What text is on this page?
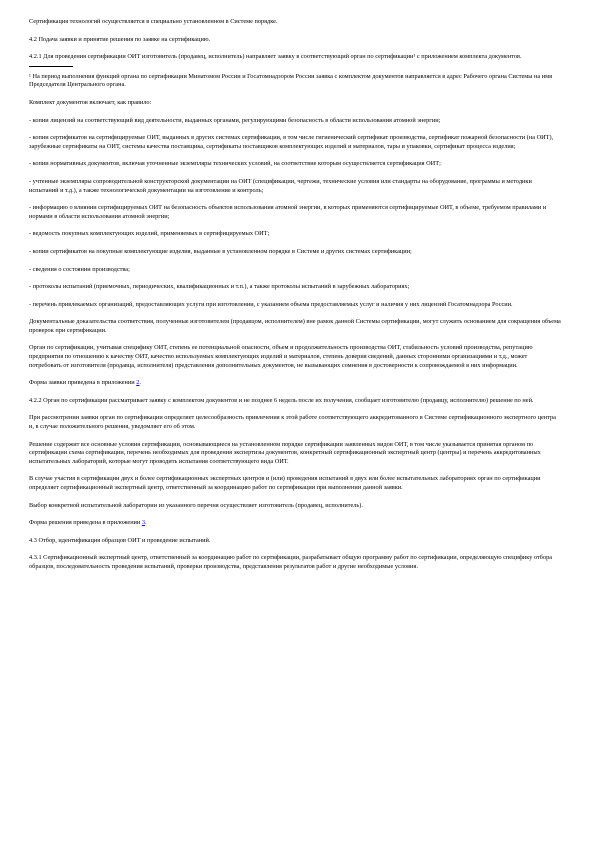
Сертификация технологий осуществляется в специально установленном в Системе порядке.

4.2 Подача заявки и принятие решения по заявке на сертификацию.

4.2.1 Для проведения сертификации ОИТ изготовитель (продавец, исполнитель) направляет заявку в соответствующий орган по сертификации¹ с приложением комплекта документов.

¹ На период выполнения функций органа по сертификации Минатомом России и Госатомнадзором России заявка с комплектом документов направляется в адрес Рабочего органа Системы на имя Председателя Центрального органа.

Комплект документов включает, как правило:

- копии лицензий на соответствующий вид деятельности, выданных органами, регулирующими безопасность в области использования атомной энергии;

- копии сертификатов на сертифицируемые ОИТ, выданных в других системах сертификации, в том числе гигиенический сертификат производства, сертификат пожарной безопасности (на ОИТ), зарубежные сертификаты на ОИТ, системы качества поставщика, сертификаты поставщиков комплектующих изделий и материалов, тары и упаковки, сертификат процесса изделия;

- копии нормативных документов, включая уточненные экземпляры технических условий, на соответствие которым осуществляется сертификация ОИТ;

- учтенные экземпляры сопроводительной конструкторской документации на ОИТ (спецификации, чертежи, технические условия или стандарты на оборудование, программы и методики испытаний и т.д.), а также технологической документации на изготовление и контроль;

- информацию о влиянии сертифицируемых ОИТ на безопасность объектов использования атомной энергии, в которых применяются сертифицируемые ОИТ, в объеме, требуемом правилами и нормами в области использования атомной энергии;

- ведомость покупных комплектующих изделий, применяемых в сертифицируемых ОИТ;

- копии сертификатов на покупные комплектующие изделия, выданные в установленном порядке в Системе и других системах сертификации;

- сведения о состоянии производства;

- протоколы испытаний (приемочных, периодических, квалификационных и т.п.), а также протоколы испытаний в зарубежных лабораториях;

- перечень привлекаемых организаций, предоставляющих услуги при изготовлении, с указанием объема предоставляемых услуг и наличия у них лицензий Госатомнадзора России.

Документальные доказательства соответствия, полученные изготовителем (продавцом, исполнителем) вне рамок данной Системы сертификации, могут служить основанием для сокращения объема проверок при сертификации.

Орган по сертификации, учитывая специфику ОИТ, степень ее потенциальной опасности, объем и продолжительность производства ОИТ, стабильность условий производства, репутацию предприятия по отношению к качеству ОИТ, качество используемых комплектующих изделий и материалов, степень доверия сведений, данных сторонними организациями и т.д., может потребовать от изготовителя (продавца, исполнителя) представления дополнительных документов, не вызывающих сомнения в достоверности к сопровождаемой в них информации.

Форма заявки приведена в приложении 2.

4.2.2 Орган по сертификации рассматривает заявку с комплектом документов и не позднее 6 недель после их получения, сообщает изготовителю (продавцу, исполнителю) решение по ней.

При рассмотрении заявки орган по сертификации определяет целесообразность привлечения к этой работе соответствующего аккредитованного в Системе сертификационного экспертного центра и, в случае положительного решения, уведомляет его об этом.

Решение содержит все основные условия сертификации, основывающиеся на установленном порядке сертификации заявленных видов ОИТ, в том числе указывается принятая органом по сертификации схема сертификации, перечень необходимых для проведения экспертизы документов, конкретный сертификационный экспертный центр (центры) и перечень аккредитованных испытательных лабораторий, которые могут проводить испытания соответствующего вида ОИТ.

В случае участия в сертификации двух и более сертификационных экспертных центров и (или) проведения испытаний в двух или более испытательных лабораториях орган по сертификации определяет сертификационный экспертный центр, ответственный за координацию работ по сертификации при выполнении данной заявки.

Выбор конкретной испытательной лаборатории из указанного перечня осуществляет изготовитель (продавец, исполнитель).

Форма решения приведена в приложении 3.

4.3 Отбор, идентификация образцов ОИТ и проведение испытаний.

4.3.1 Сертификационный экспертный центр, ответственный за координацию работ по сертификации, разрабатывает общую программу работ по сертификации, определяющую специфику отбора образцов, последовательность проведения испытаний, проверки производства, представления результатов работ и другие необходимые условия.
